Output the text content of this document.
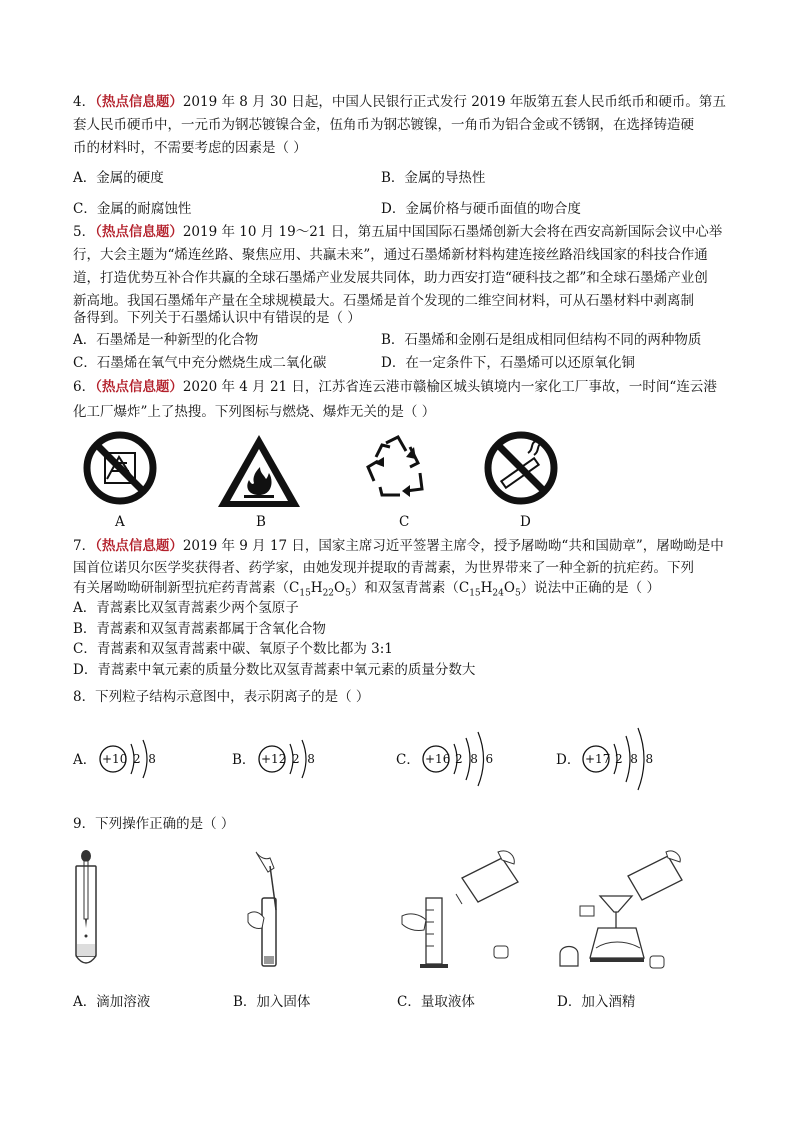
4．（热点信息题）2019 年 8 月 30 日起，中国人民银行正式发行 2019 年版第五套人民币纸币和硬币。第五
套人民币硬币中，一元币为钢芯镀镍合金，伍角币为钢芯镀镍，一角币为铝合金或不锈钢，在选择铸造硬
币的材料时，不需要考虑的因素是（ ）
A．金属的硬度	B．金属的导热性
C．金属的耐腐蚀性	D．金属价格与硬币面值的吻合度
5．（热点信息题）2019 年 10 月 19～21 日，第五届中国国际石墨烯创新大会将在西安高新国际会议中心举
行，大会主题为“烯连丝路、聚焦应用、共赢未来”，通过石墨烯新材料构建连接丝路沿线国家的科技合作通
道，打造优势互补合作共赢的全球石墨烯产业发展共同体，助力西安打造“硬科技之都”和全球石墨烯产业创
新高地。我国石墨烯年产量在全球规模最大。石墨烯是首个发现的二维空间材料，可从石墨材料中剥离制
备得到。下列关于石墨烯认识中有错误的是（ ）
A．石墨烯是一种新型的化合物	B．石墨烯和金刚石是组成相同但结构不同的两种物质
C．石墨烯在氧气中充分燃烧生成二氧化碳	D．在一定条件下，石墨烯可以还原氧化铜
6．（热点信息题）2020 年 4 月 21 日，江苏省连云港市赣榆区城头镇境内一家化工厂事故，一时间“连云港
化工厂爆炸”上了热搜。下列图标与燃烧、爆炸无关的是（ ）
A	B	C	D
7．（热点信息题）2019 年 9 月 17 日，国家主席习近平签署主席令，授予屠呦呦“共和国勋章”，屠呦呦是中
国首位诺贝尔医学奖获得者、药学家，由她发现并提取的青蒿素，为世界带来了一种全新的抗疟药。下列
有关屠呦呦研制新型抗疟药青蒿素$(C_{15}H_{22}O_5)$和双氢青蒿素$(C_{15}H_{24}O_5)$说法中正确的是（ ）
A．青蒿素比双氢青蒿素少两个氢原子
B．青蒿素和双氢青蒿素都属于含氧化合物
C．青蒿素和双氢青蒿素中碳、氧原子个数比都为 3:1
D．青蒿素中氧元素的质量分数比双氢青蒿素中氧元素的质量分数大
8．下列粒子结构示意图中，表示阴离子的是（ ）
A． +10 2  8	B． +12 2  8	C． +16 2  8  6	D． +17 2  8  8
9．下列操作正确的是（ ）
A．滴加溶液	B．加入固体	C．量取液体	D．加入酒精
